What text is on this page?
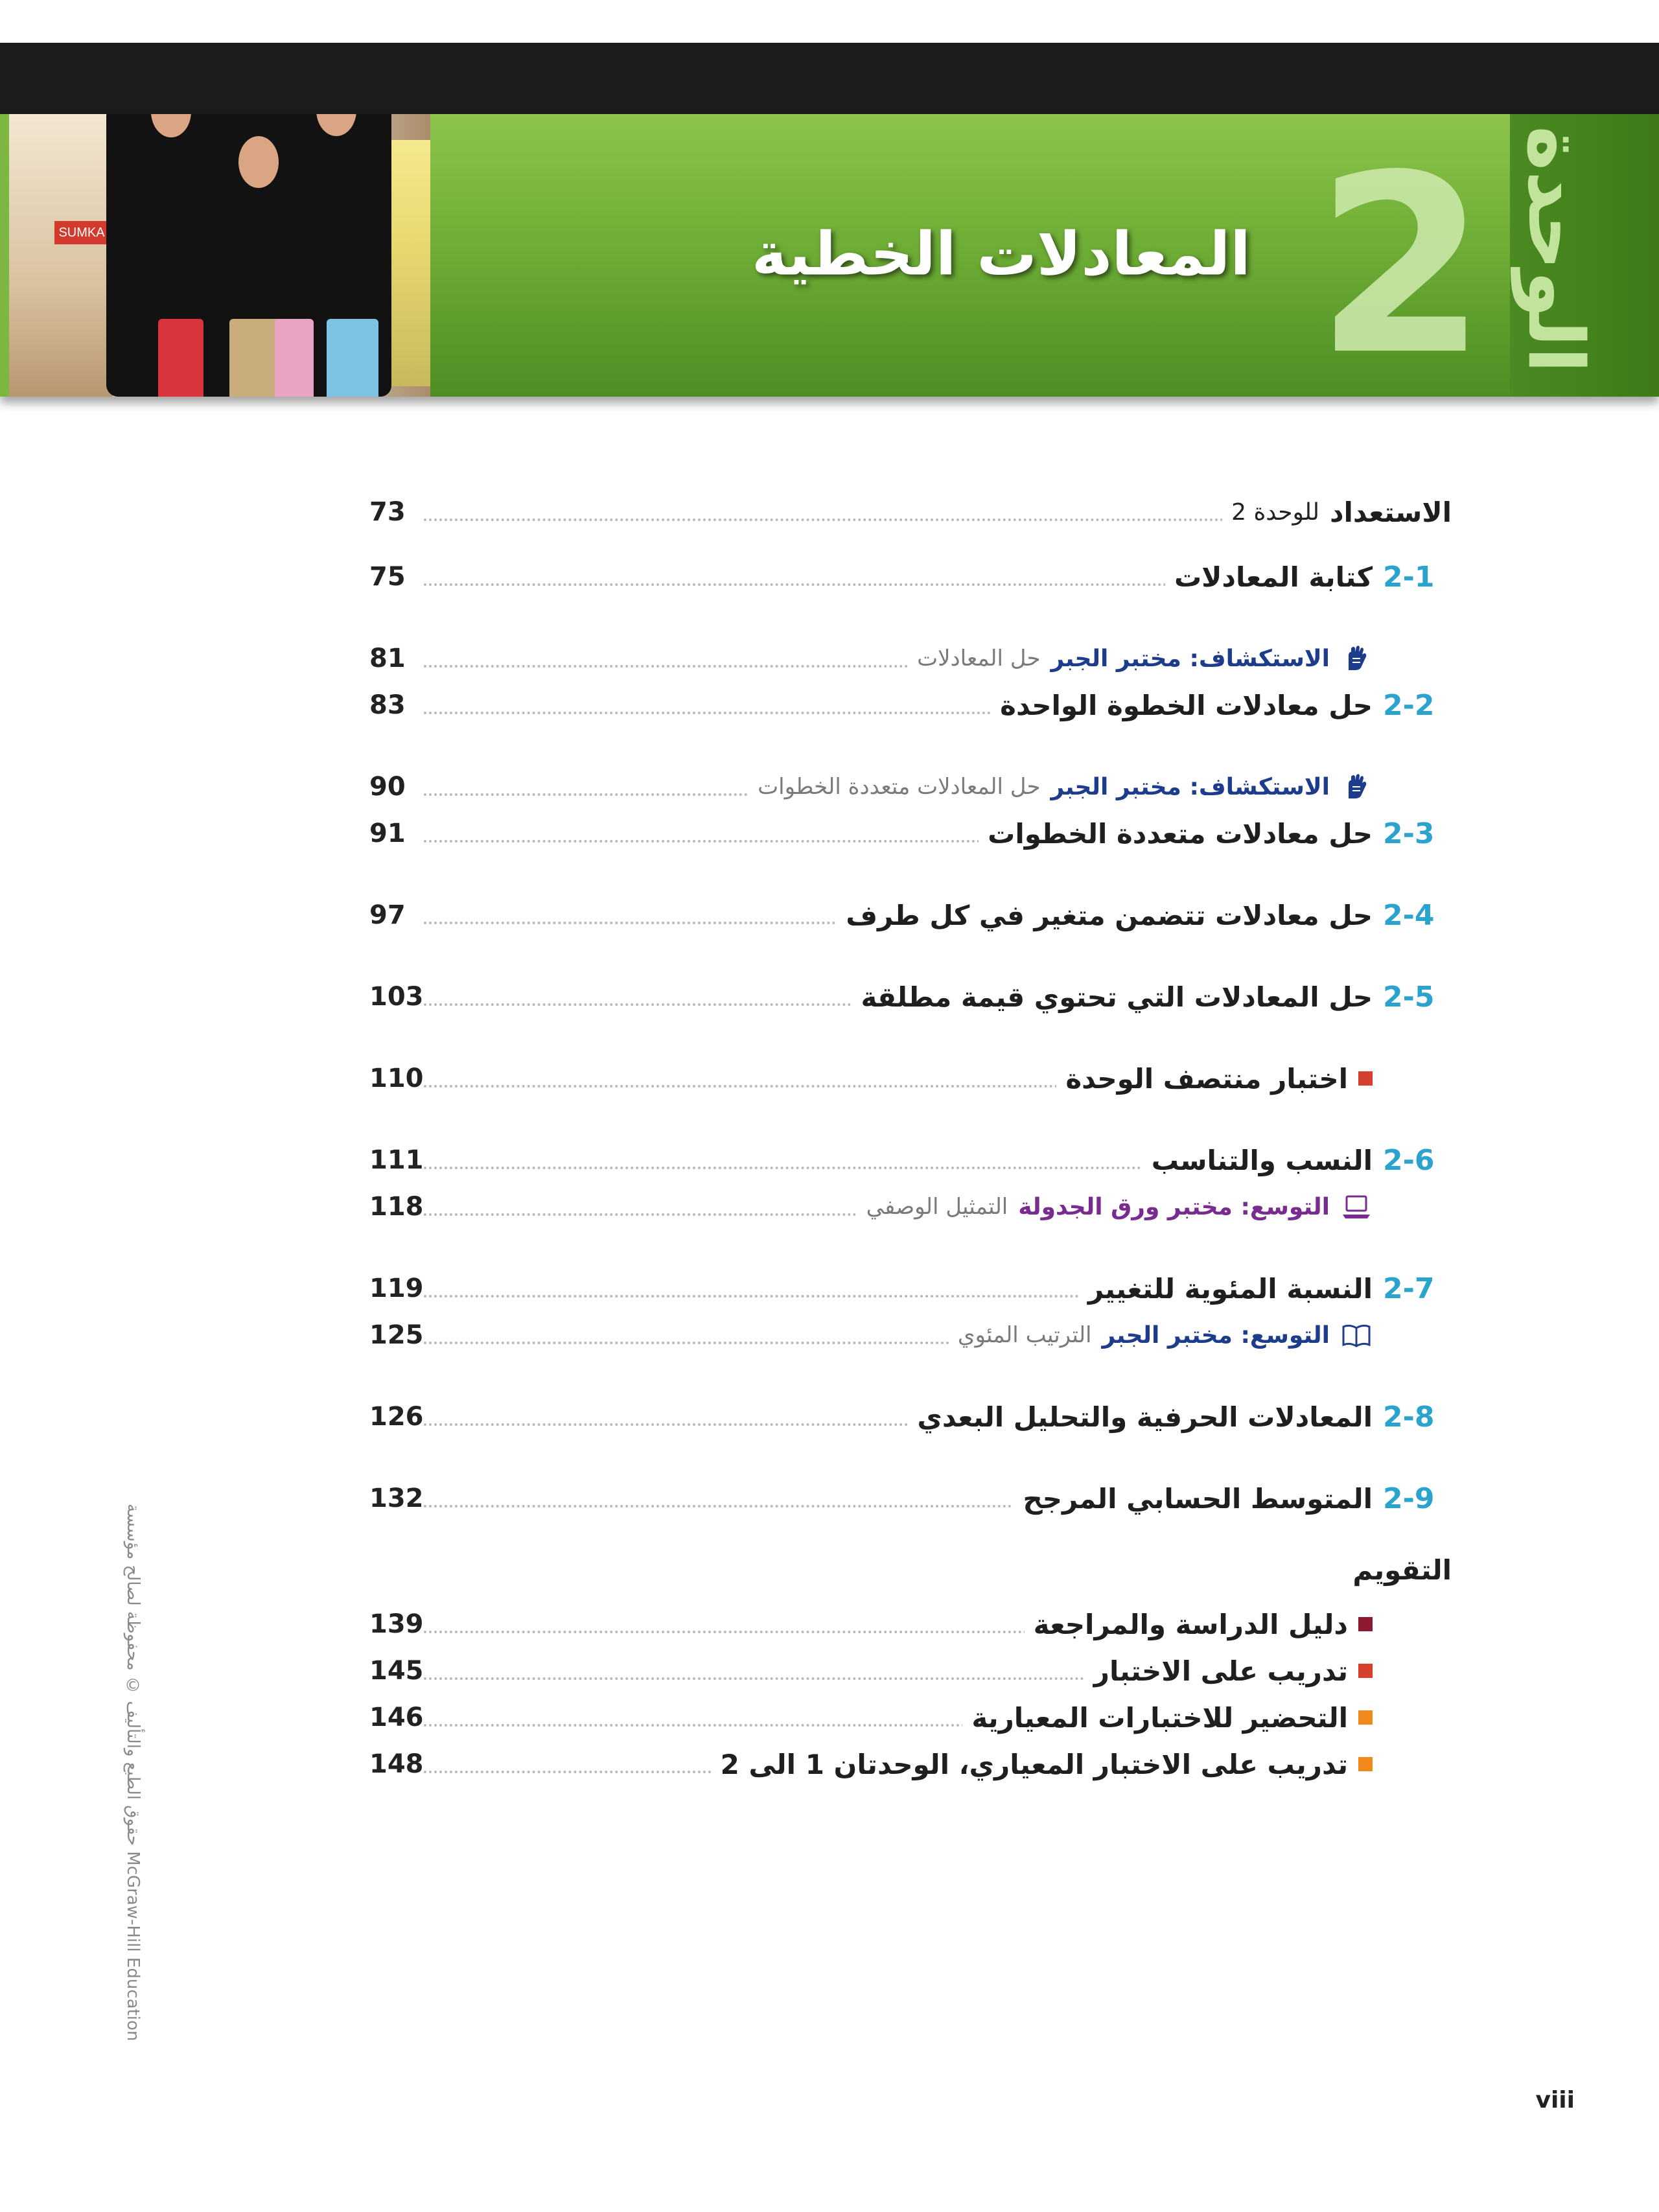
SUMKA	المعادلات الخطية 2 الوحدة
73	الاستعداد
للوحدة 2
75	2-1
كتابة المعادلات
81	الاستكشاف: مختبر الجبر
حل المعادلات
83	2-2
حل معادلات الخطوة الواحدة
90	الاستكشاف: مختبر الجبر
حل المعادلات متعددة الخطوات
91	2-3
حل معادلات متعددة الخطوات
97	2-4
حل معادلات تتضمن متغير في كل طرف
103	2-5
حل المعادلات التي تحتوي قيمة مطلقة
110	اختبار منتصف الوحدة
111	2-6
النسب والتناسب
118	التوسع: مختبر ورق الجدولة
التمثيل الوصفي
119	2-7
النسبة المئوية للتغيير
125	التوسع: مختبر الجبر
الترتيب المئوي
126	2-8
المعادلات الحرفية والتحليل البعدي
132	2-9
المتوسط الحسابي المرجح
التقويم
139	دليل الدراسة والمراجعة
145	تدريب على الاختبار
146	التحضير للاختبارات المعيارية
148	تدريب على الاختبار المعياري، الوحدتان 1 الى 2
حقوق الطبع والتأليف © محفوظة لصالح مؤسسة McGraw-Hill Education
viii
